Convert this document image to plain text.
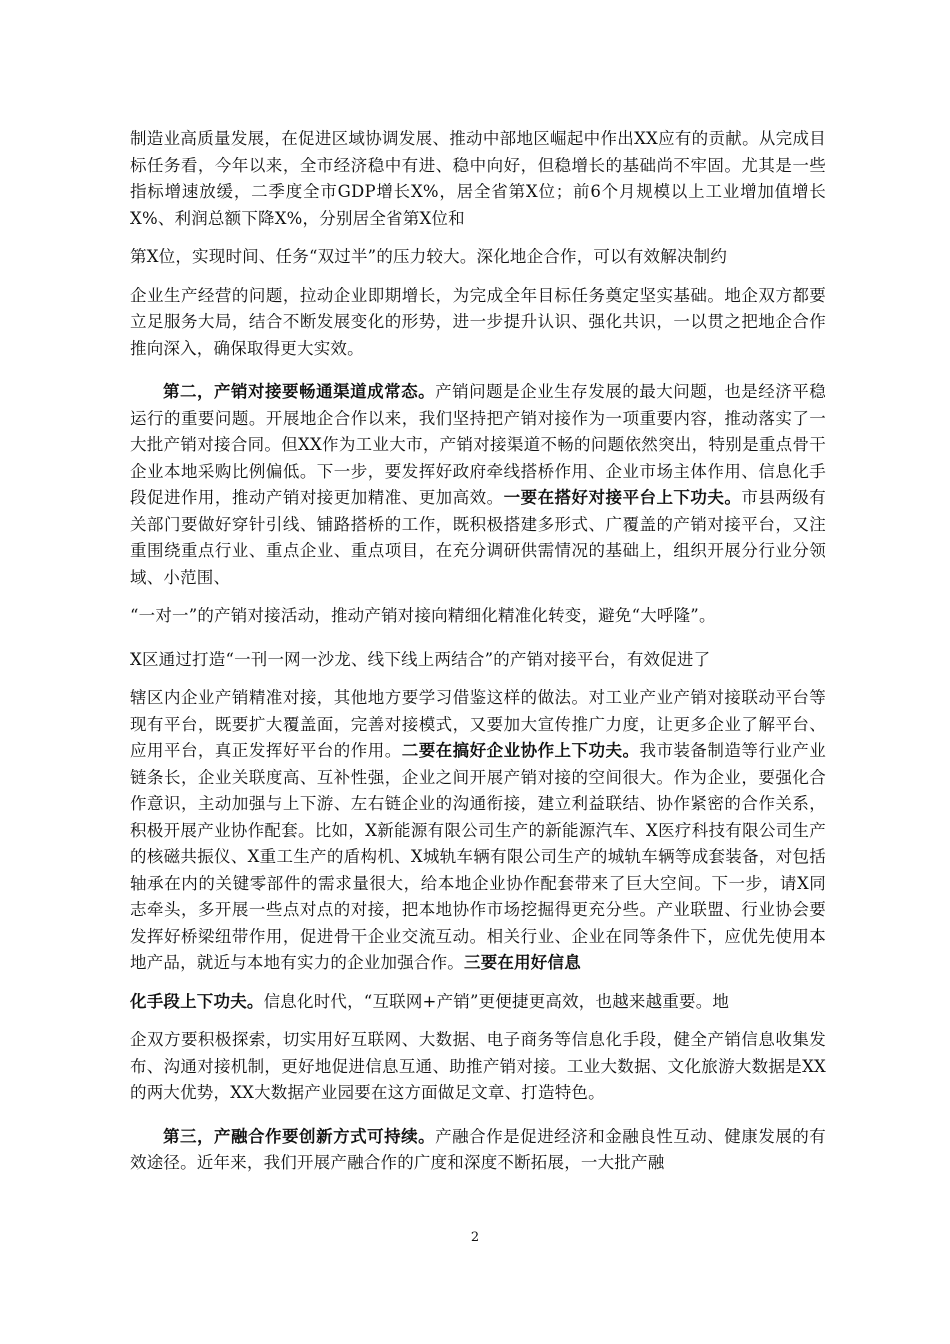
制造业高质量发展，在促进区域协调发展、推动中部地区崛起中作出XX应有的贡献。从完成目标任务看，今年以来，全市经济稳中有进、稳中向好，但稳增长的基础尚不牢固。尤其是一些指标增速放缓，二季度全市GDP增长X%，居全省第X位；前6个月规模以上工业增加值增长X%、利润总额下降X%，分别居全省第X位和

第X位，实现时间、任务“双过半”的压力较大。深化地企合作，可以有效解决制约

企业生产经营的问题，拉动企业即期增长，为完成全年目标任务奠定坚实基础。地企双方都要立足服务大局，结合不断发展变化的形势，进一步提升认识、强化共识，一以贯之把地企合作推向深入，确保取得更大实效。

第二，产销对接要畅通渠道成常态。产销问题是企业生存发展的最大问题，也是经济平稳运行的重要问题。开展地企合作以来，我们坚持把产销对接作为一项重要内容，推动落实了一大批产销对接合同。但XX作为工业大市，产销对接渠道不畅的问题依然突出，特别是重点骨干企业本地采购比例偏低。下一步，要发挥好政府牵线搭桥作用、企业市场主体作用、信息化手段促进作用，推动产销对接更加精准、更加高效。一要在搭好对接平台上下功夫。市县两级有关部门要做好穿针引线、铺路搭桥的工作，既积极搭建多形式、广覆盖的产销对接平台，又注重围绕重点行业、重点企业、重点项目，在充分调研供需情况的基础上，组织开展分行业分领域、小范围、

“一对一”的产销对接活动，推动产销对接向精细化精准化转变，避免“大呼隆”。

X区通过打造“一刊一网一沙龙、线下线上两结合”的产销对接平台，有效促进了

辖区内企业产销精准对接，其他地方要学习借鉴这样的做法。对工业产业产销对接联动平台等现有平台，既要扩大覆盖面，完善对接模式，又要加大宣传推广力度，让更多企业了解平台、应用平台，真正发挥好平台的作用。二要在搞好企业协作上下功夫。我市装备制造等行业产业链条长，企业关联度高、互补性强，企业之间开展产销对接的空间很大。作为企业，要强化合作意识，主动加强与上下游、左右链企业的沟通衔接，建立利益联结、协作紧密的合作关系，积极开展产业协作配套。比如，X新能源有限公司生产的新能源汽车、X医疗科技有限公司生产的核磁共振仪、X重工生产的盾构机、X城轨车辆有限公司生产的城轨车辆等成套装备，对包括轴承在内的关键零部件的需求量很大，给本地企业协作配套带来了巨大空间。下一步，请X同志牵头，多开展一些点对点的对接，把本地协作市场挖掘得更充分些。产业联盟、行业协会要发挥好桥梁纽带作用，促进骨干企业交流互动。相关行业、企业在同等条件下，应优先使用本地产品，就近与本地有实力的企业加强合作。三要在用好信息

化手段上下功夫。信息化时代，“互联网+产销”更便捷更高效，也越来越重要。地

企双方要积极探索，切实用好互联网、大数据、电子商务等信息化手段，健全产销信息收集发布、沟通对接机制，更好地促进信息互通、助推产销对接。工业大数据、文化旅游大数据是XX的两大优势，XX大数据产业园要在这方面做足文章、打造特色。

第三，产融合作要创新方式可持续。产融合作是促进经济和金融良性互动、健康发展的有效途径。近年来，我们开展产融合作的广度和深度不断拓展，一大批产融

2
